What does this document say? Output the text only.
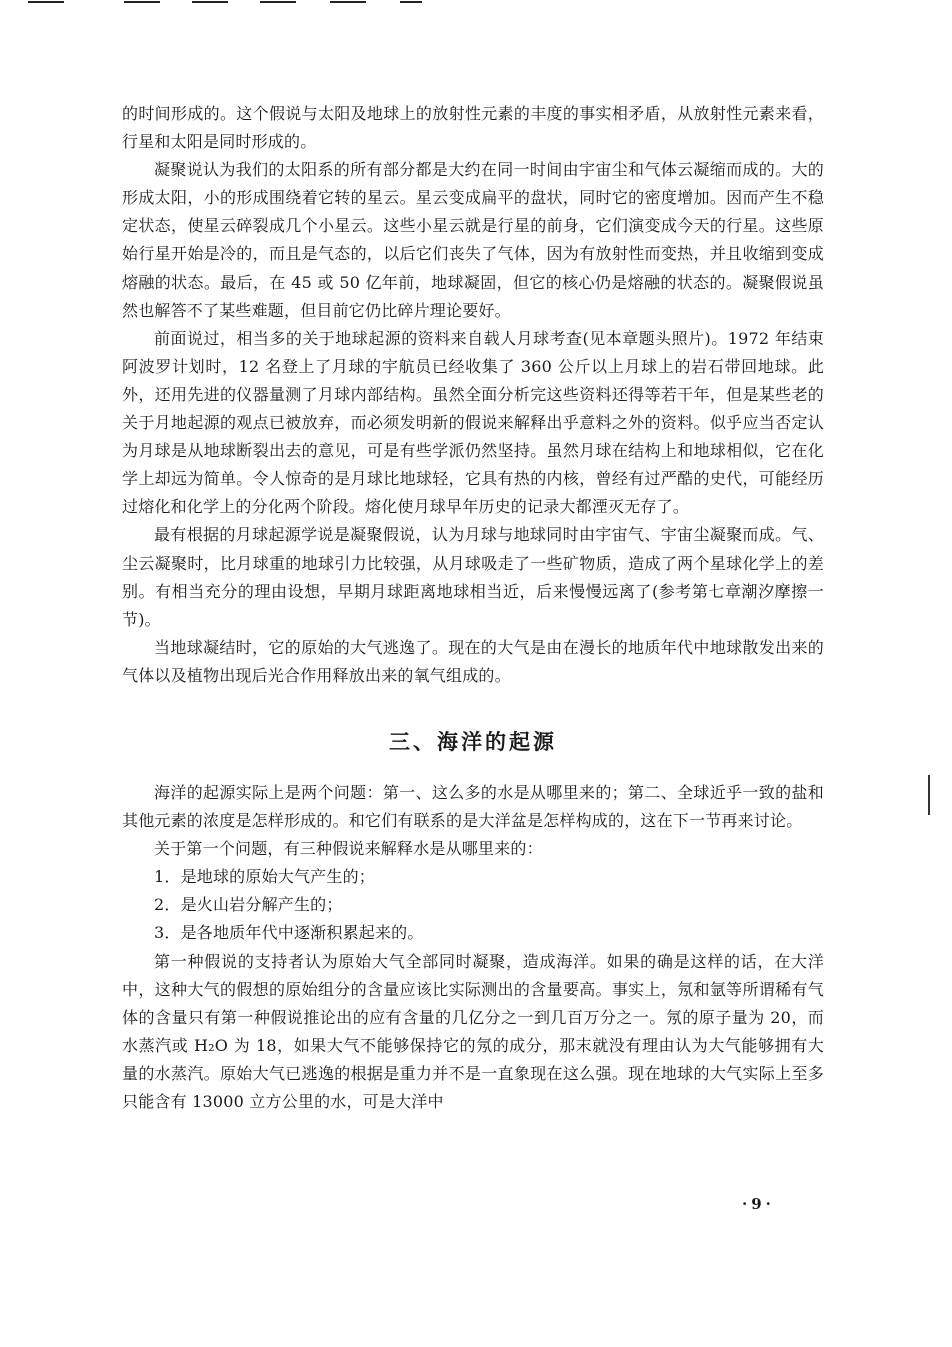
的时间形成的。这个假说与太阳及地球上的放射性元素的丰度的事实相矛盾，从放射性元素来看，行星和太阳是同时形成的。

凝聚说认为我们的太阳系的所有部分都是大约在同一时间由宇宙尘和气体云凝缩而成的。大的形成太阳，小的形成围绕着它转的星云。星云变成扁平的盘状，同时它的密度增加。因而产生不稳定状态，使星云碎裂成几个小星云。这些小星云就是行星的前身，它们演变成今天的行星。这些原始行星开始是冷的，而且是气态的，以后它们丧失了气体，因为有放射性而变热，并且收缩到变成熔融的状态。最后，在 45 或 50 亿年前，地球凝固，但它的核心仍是熔融的状态的。凝聚假说虽然也解答不了某些难题，但目前它仍比碎片理论要好。

前面说过，相当多的关于地球起源的资料来自载人月球考查(见本章题头照片)。1972 年结束阿波罗计划时，12 名登上了月球的宇航员已经收集了 360 公斤以上月球上的岩石带回地球。此外，还用先进的仪器量测了月球内部结构。虽然全面分析完这些资料还得等若干年，但是某些老的关于月地起源的观点已被放弃，而必须发明新的假说来解释出乎意料之外的资料。似乎应当否定认为月球是从地球断裂出去的意见，可是有些学派仍然坚持。虽然月球在结构上和地球相似，它在化学上却远为简单。令人惊奇的是月球比地球轻，它具有热的内核，曾经有过严酷的史代，可能经历过熔化和化学上的分化两个阶段。熔化使月球早年历史的记录大都湮灭无存了。

最有根据的月球起源学说是凝聚假说，认为月球与地球同时由宇宙气、宇宙尘凝聚而成。气、尘云凝聚时，比月球重的地球引力比较强，从月球吸走了一些矿物质，造成了两个星球化学上的差别。有相当充分的理由设想，早期月球距离地球相当近，后来慢慢远离了(参考第七章潮汐摩擦一节)。

当地球凝结时，它的原始的大气逃逸了。现在的大气是由在漫长的地质年代中地球散发出来的气体以及植物出现后光合作用释放出来的氧气组成的。

三、海洋的起源

海洋的起源实际上是两个问题：第一、这么多的水是从哪里来的；第二、全球近乎一致的盐和其他元素的浓度是怎样形成的。和它们有联系的是大洋盆是怎样构成的，这在下一节再来讨论。

关于第一个问题，有三种假说来解释水是从哪里来的：

1．是地球的原始大气产生的；

2．是火山岩分解产生的；

3．是各地质年代中逐渐积累起来的。

第一种假说的支持者认为原始大气全部同时凝聚，造成海洋。如果的确是这样的话，在大洋中，这种大气的假想的原始组分的含量应该比实际测出的含量要高。事实上，氖和氩等所谓稀有气体的含量只有第一种假说推论出的应有含量的几亿分之一到几百万分之一。氖的原子量为 20，而水蒸汽或 H₂O 为 18，如果大气不能够保持它的氖的成分，那末就没有理由认为大气能够拥有大量的水蒸汽。原始大气已逃逸的根据是重力并不是一直象现在这么强。现在地球的大气实际上至多只能含有 13000 立方公里的水，可是大洋中

·9·
